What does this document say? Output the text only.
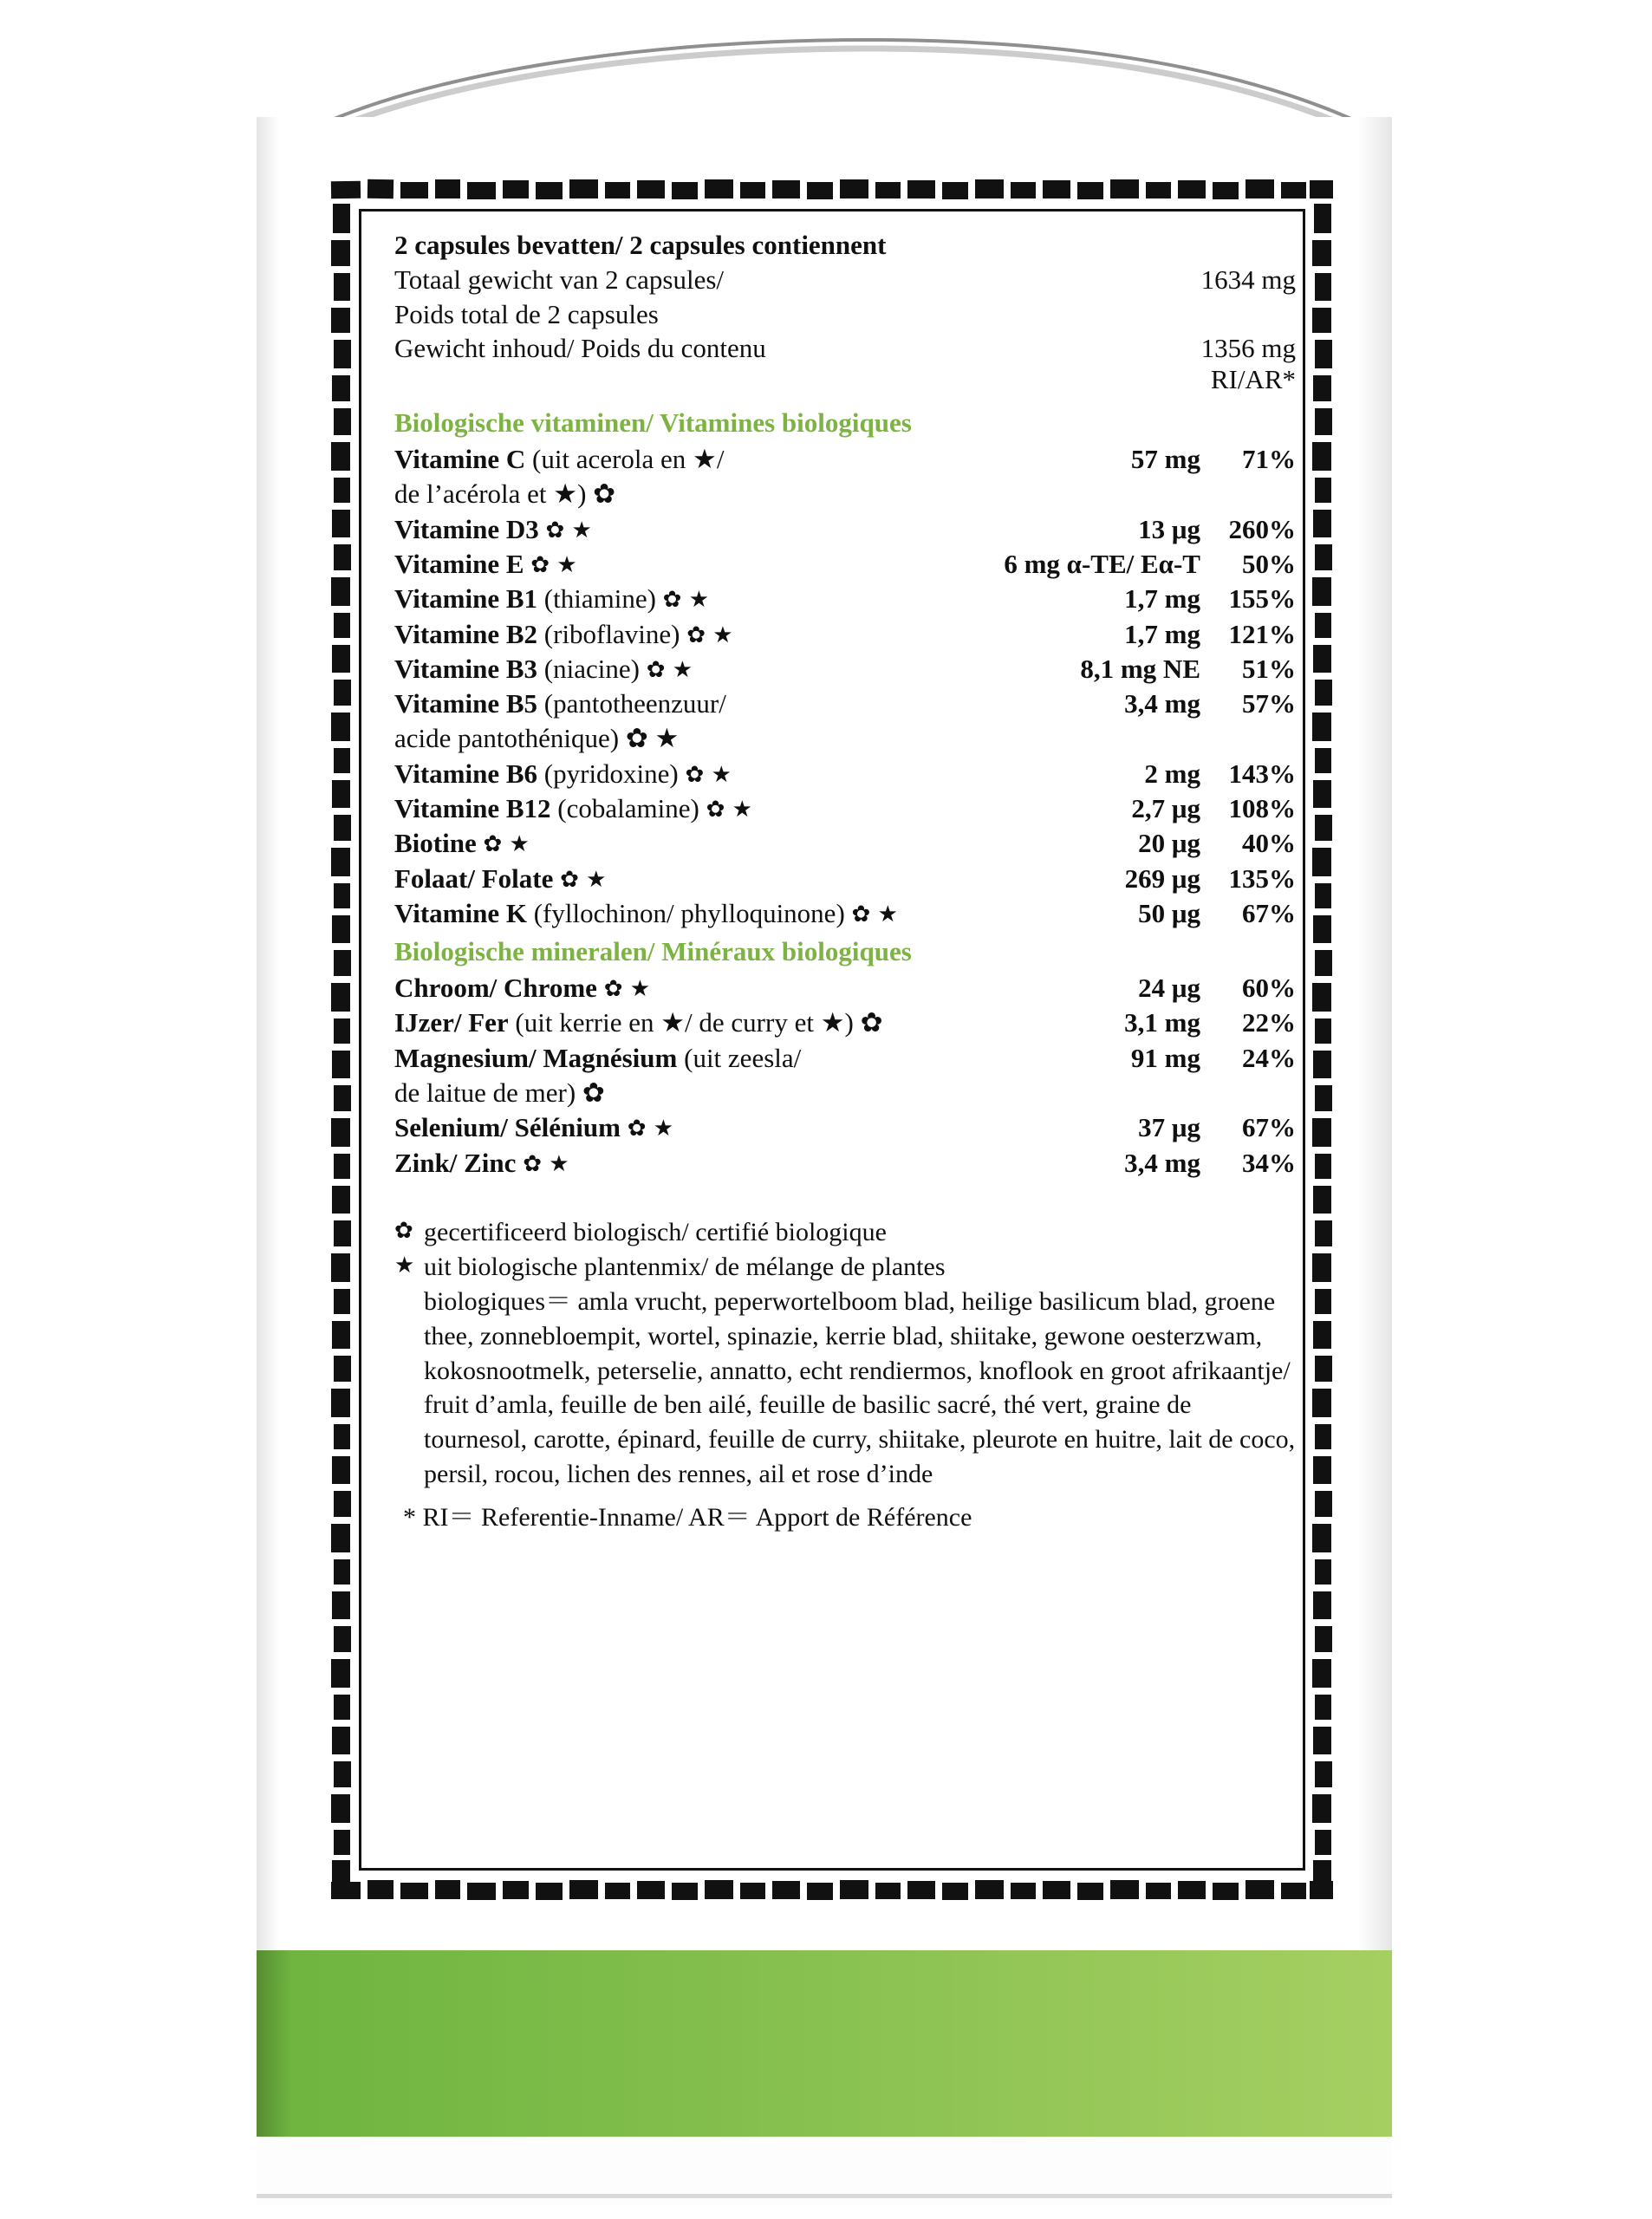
2 capsules bevatten/ 2 capsules contiennent
Totaal gewicht van 2 capsules/	1634 mg
Poids total de 2 capsules
Gewicht inhoud/ Poids du contenu	1356 mg
RI/AR*
Biologische vitaminen/ Vitamines biologiques
Vitamine C (uit acerola en ★/	57 mg	71%
de l’acérola et ★) ✿
Vitamine D3 ✿ ★	13 μg	260%
Vitamine E ✿ ★	6 mg α-TE/ Eα-T	50%
Vitamine B1 (thiamine) ✿ ★	1,7 mg	155%
Vitamine B2 (riboflavine) ✿ ★	1,7 mg	121%
Vitamine B3 (niacine) ✿ ★	8,1 mg NE	51%
Vitamine B5 (pantotheenzuur/	3,4 mg	57%
acide pantothénique) ✿ ★
Vitamine B6 (pyridoxine) ✿ ★	2 mg	143%
Vitamine B12 (cobalamine) ✿ ★	2,7 μg	108%
Biotine ✿ ★	20 μg	40%
Folaat/ Folate ✿ ★	269 μg	135%
Vitamine K (fyllochinon/ phylloquinone) ✿ ★	50 μg	67%
Biologische mineralen/ Minéraux biologiques
Chroom/ Chrome ✿ ★	24 μg	60%
IJzer/ Fer (uit kerrie en ★/ de curry et ★) ✿	3,1 mg	22%
Magnesium/ Magnésium (uit zeesla/	91 mg	24%
de laitue de mer) ✿
Selenium/ Sélénium ✿ ★	37 μg	67%
Zink/ Zinc ✿ ★	3,4 mg	34%
✿ gecertificeerd biologisch/ certifié biologique
★ uit biologische plantenmix/ de mélange de plantes
biologiques＝ amla vrucht, peperwortelboom blad, heilige basilicum blad, groene thee, zonnebloempit, wortel, spinazie, kerrie blad, shiitake, gewone oesterzwam, kokosnootmelk, peterselie, annatto, echt rendiermos, knoflook en groot afrikaantje/ fruit d’amla, feuille de ben ailé, feuille de basilic sacré, thé vert, graine de tournesol, carotte, épinard, feuille de curry, shiitake, pleurote en huitre, lait de coco, persil, rocou, lichen des rennes, ail et rose d’inde
* RI＝ Referentie-Inname/ AR＝ Apport de Référence
